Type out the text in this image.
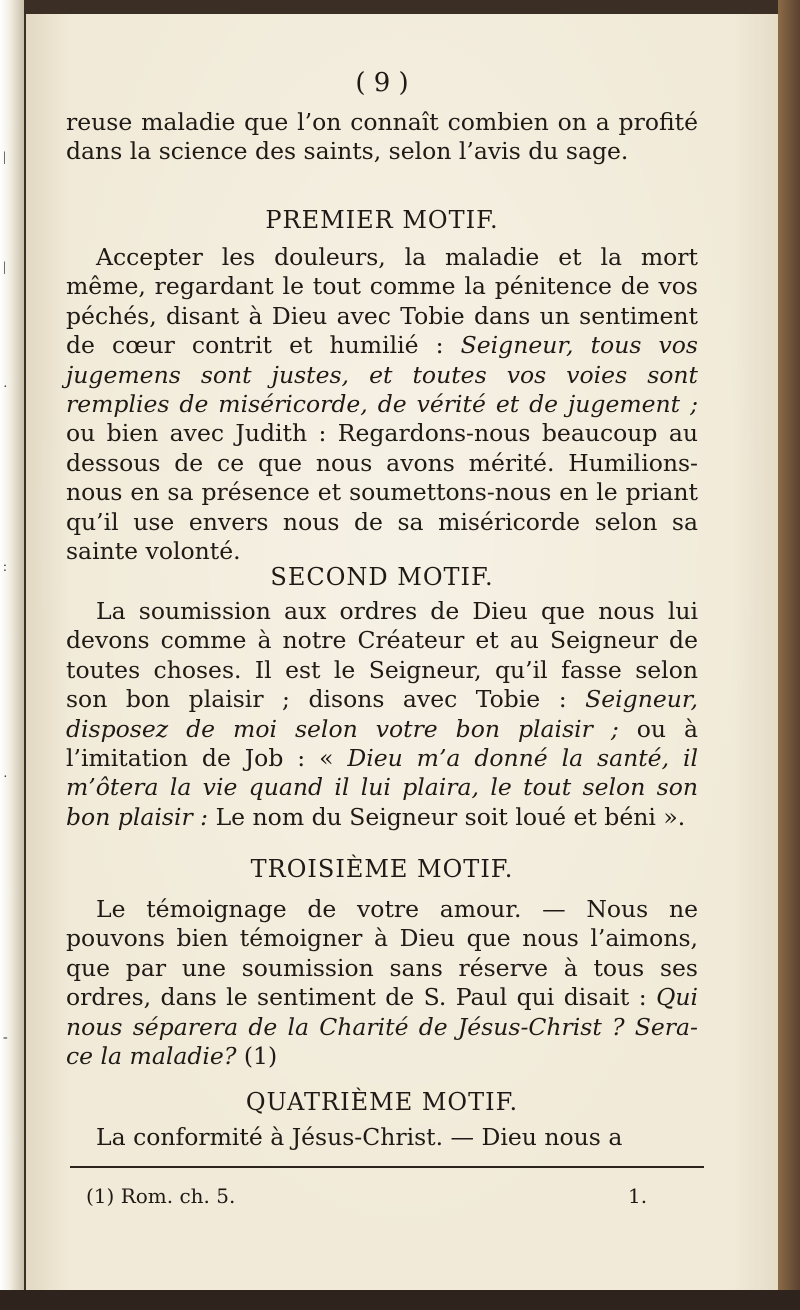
|
|
·
:
·
-
( 9 )
reuse maladie que l’on connaît combien on a profité dans la science des saints, selon l’avis du sage.
PREMIER MOTIF.
Accepter les douleurs, la maladie et la mort même, regardant le tout comme la pénitence de vos péchés, disant à Dieu avec Tobie dans un sentiment de cœur contrit et humilié : Seigneur, tous vos jugemens sont justes, et toutes vos voies sont remplies de miséricorde, de vérité et de jugement ; ou bien avec Judith : Regardons-nous beaucoup au dessous de ce que nous avons mérité. Humilions-nous en sa présence et soumettons-nous en le priant qu’il use envers nous de sa miséricorde selon sa sainte volonté.
SECOND MOTIF.
La soumission aux ordres de Dieu que nous lui devons comme à notre Créateur et au Seigneur de toutes choses. Il est le Seigneur, qu’il fasse selon son bon plaisir ; disons avec Tobie : Seigneur, disposez de moi selon votre bon plaisir ; ou à l’imitation de Job : « Dieu m’a donné la santé, il m’ôtera la vie quand il lui plaira, le tout selon son bon plaisir : Le nom du Seigneur soit loué et béni ».
TROISIÈME MOTIF.
Le témoignage de votre amour. — Nous ne pouvons bien témoigner à Dieu que nous l’aimons, que par une soumission sans réserve à tous ses ordres, dans le sentiment de S. Paul qui disait : Qui nous séparera de la Charité de Jésus-Christ ? Sera-ce la maladie? (1)
QUATRIÈME MOTIF.
La conformité à Jésus-Christ. — Dieu nous a
(1) Rom. ch. 5.	1.
